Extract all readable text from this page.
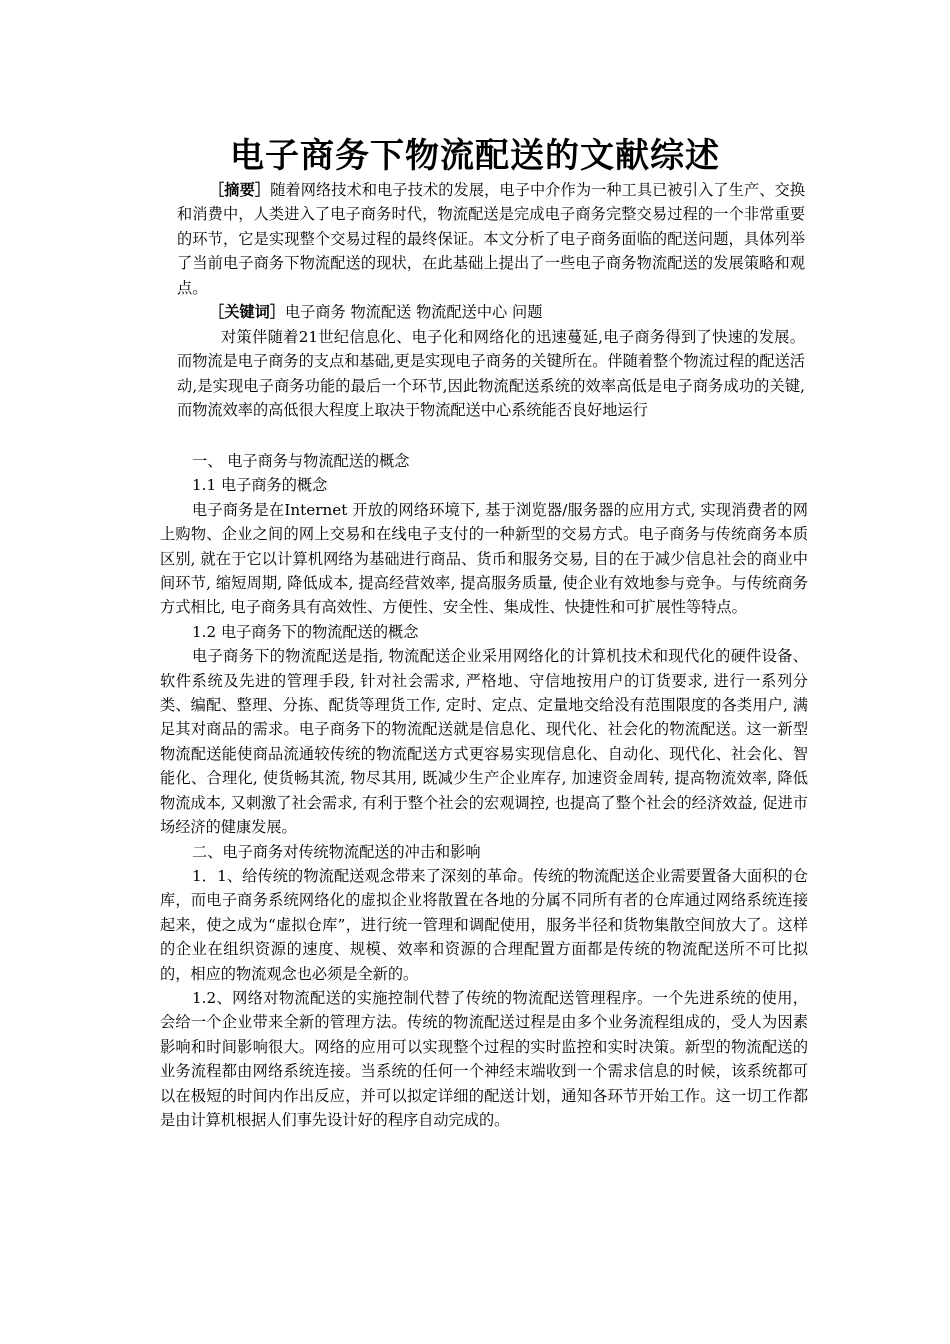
电子商务下物流配送的文献综述

［摘要］随着网络技术和电子技术的发展，电子中介作为一种工具已被引入了生产、交换和消费中，人类进入了电子商务时代，物流配送是完成电子商务完整交易过程的一个非常重要的环节，它是实现整个交易过程的最终保证。本文分析了电子商务面临的配送问题，具体列举了当前电子商务下物流配送的现状，在此基础上提出了一些电子商务物流配送的发展策略和观点。

［关键词］电子商务 物流配送 物流配送中心 问题

对策伴随着21世纪信息化、电子化和网络化的迅速蔓延,电子商务得到了快速的发展。而物流是电子商务的支点和基础,更是实现电子商务的关键所在。伴随着整个物流过程的配送活动,是实现电子商务功能的最后一个环节,因此物流配送系统的效率高低是电子商务成功的关键,而物流效率的高低很大程度上取决于物流配送中心系统能否良好地运行

一、 电子商务与物流配送的概念

1.1 电子商务的概念

电子商务是在Internet 开放的网络环境下, 基于浏览器/服务器的应用方式, 实现消费者的网上购物、企业之间的网上交易和在线电子支付的一种新型的交易方式。电子商务与传统商务本质区别, 就在于它以计算机网络为基础进行商品、货币和服务交易, 目的在于减少信息社会的商业中间环节, 缩短周期, 降低成本, 提高经营效率, 提高服务质量, 使企业有效地参与竞争。与传统商务方式相比, 电子商务具有高效性、方便性、安全性、集成性、快捷性和可扩展性等特点。

1.2 电子商务下的物流配送的概念

电子商务下的物流配送是指, 物流配送企业采用网络化的计算机技术和现代化的硬件设备、软件系统及先进的管理手段, 针对社会需求, 严格地、守信地按用户的订货要求, 进行一系列分类、编配、整理、分拣、配货等理货工作, 定时、定点、定量地交给没有范围限度的各类用户, 满足其对商品的需求。电子商务下的物流配送就是信息化、现代化、社会化的物流配送。这一新型物流配送能使商品流通较传统的物流配送方式更容易实现信息化、自动化、现代化、社会化、智能化、合理化, 使货畅其流, 物尽其用, 既减少生产企业库存, 加速资金周转, 提高物流效率, 降低物流成本, 又刺激了社会需求, 有利于整个社会的宏观调控, 也提高了整个社会的经济效益, 促进市场经济的健康发展。

二、电子商务对传统物流配送的冲击和影响

1．1、给传统的物流配送观念带来了深刻的革命。传统的物流配送企业需要置备大面积的仓库，而电子商务系统网络化的虚拟企业将散置在各地的分属不同所有者的仓库通过网络系统连接起来，使之成为“虚拟仓库”，进行统一管理和调配使用，服务半径和货物集散空间放大了。这样的企业在组织资源的速度、规模、效率和资源的合理配置方面都是传统的物流配送所不可比拟的，相应的物流观念也必须是全新的。

1.2、网络对物流配送的实施控制代替了传统的物流配送管理程序。一个先进系统的使用，会给一个企业带来全新的管理方法。传统的物流配送过程是由多个业务流程组成的，受人为因素影响和时间影响很大。网络的应用可以实现整个过程的实时监控和实时决策。新型的物流配送的业务流程都由网络系统连接。当系统的任何一个神经末端收到一个需求信息的时候，该系统都可以在极短的时间内作出反应，并可以拟定详细的配送计划，通知各环节开始工作。这一切工作都是由计算机根据人们事先设计好的程序自动完成的。
